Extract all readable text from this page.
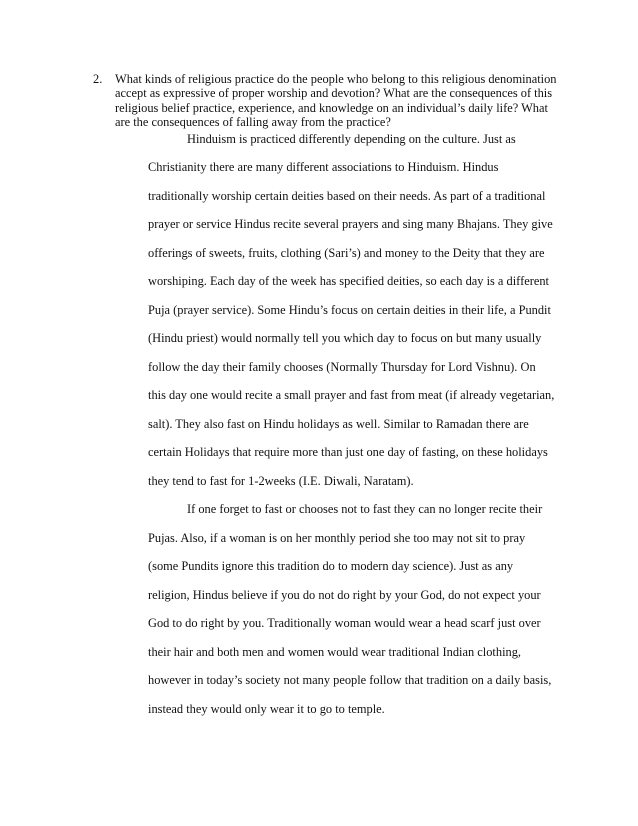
2.	What kinds of religious practice do the people who belong to this religious denomination
accept as expressive of proper worship and devotion? What are the consequences of this
religious belief practice, experience, and knowledge on an individual’s daily life? What
are the consequences of falling away from the practice?
Hinduism is practiced differently depending on the culture. Just as
Christianity there are many different associations to Hinduism. Hindus
traditionally worship certain deities based on their needs. As part of a traditional
prayer or service Hindus recite several prayers and sing many Bhajans. They give
offerings of sweets, fruits, clothing (Sari’s) and money to the Deity that they are
worshiping. Each day of the week has specified deities, so each day is a different
Puja (prayer service). Some Hindu’s focus on certain deities in their life, a Pundit
(Hindu priest) would normally tell you which day to focus on but many usually
follow the day their family chooses (Normally Thursday for Lord Vishnu). On
this day one would recite a small prayer and fast from meat (if already vegetarian,
salt). They also fast on Hindu holidays as well. Similar to Ramadan there are
certain Holidays that require more than just one day of fasting, on these holidays
they tend to fast for 1-2weeks (I.E. Diwali, Naratam).
If one forget to fast or chooses not to fast they can no longer recite their
Pujas. Also, if a woman is on her monthly period she too may not sit to pray
(some Pundits ignore this tradition do to modern day science). Just as any
religion, Hindus believe if you do not do right by your God, do not expect your
God to do right by you. Traditionally woman would wear a head scarf just over
their hair and both men and women would wear traditional Indian clothing,
however in today’s society not many people follow that tradition on a daily basis,
instead they would only wear it to go to temple.
